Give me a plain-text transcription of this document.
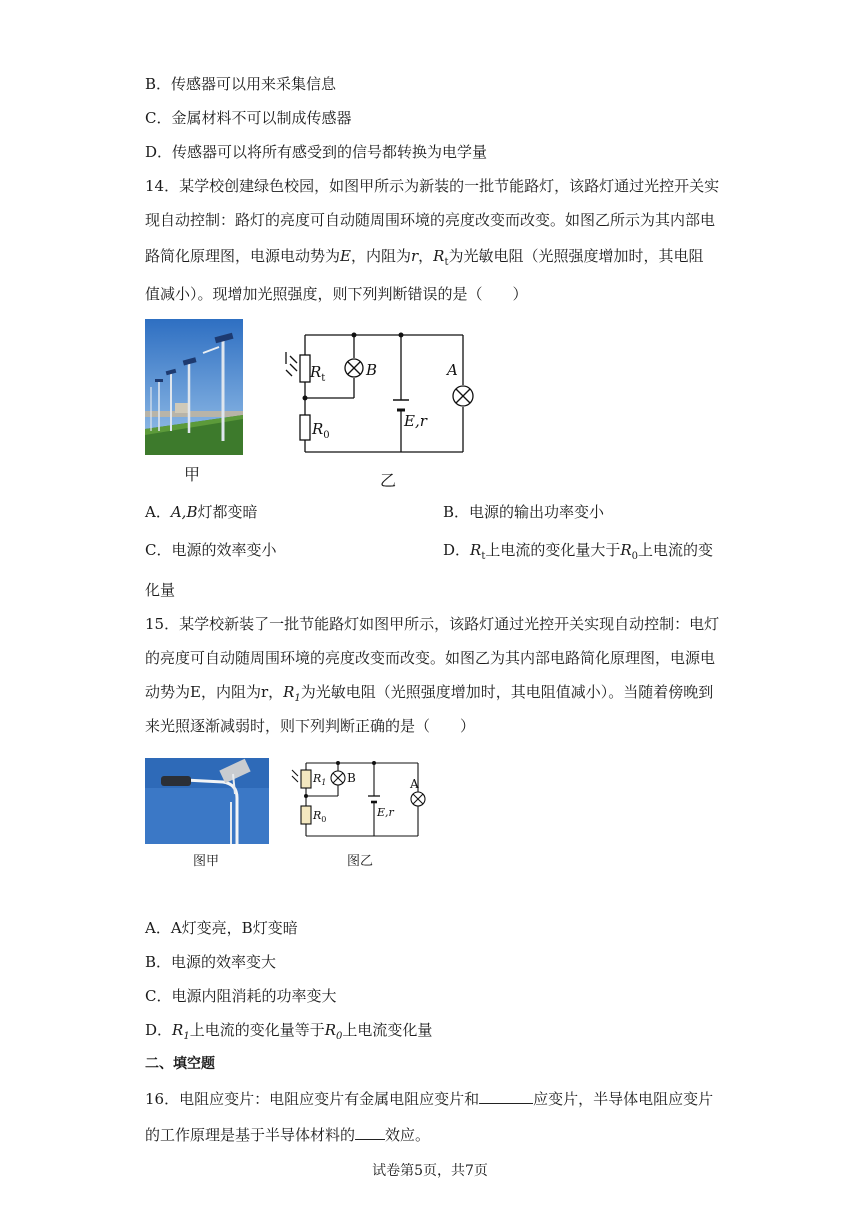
B．传感器可以用来采集信息
C．金属材料不可以制成传感器
D．传感器可以将所有感受到的信号都转换为电学量
14．某学校创建绿色校园，如图甲所示为新装的一批节能路灯，该路灯通过光控开关实
现自动控制：路灯的亮度可自动随周围环境的亮度改变而改变。如图乙所示为其内部电
路简化原理图，电源电动势为E，内阻为r，$R_t$为光敏电阻（光照强度增加时，其电阻
值减小）。现增加光照强度，则下列判断错误的是（　　）
甲
$R_t$	B	A
$R_0$
E,r
乙
A．A,B灯都变暗	B．电源的输出功率变小
C．电源的效率变小	D．$R_t$上电流的变化量大于$R_0$上电流的变
化量
15．某学校新装了一批节能路灯如图甲所示，该路灯通过光控开关实现自动控制：电灯
的亮度可自动随周围环境的亮度改变而改变。如图乙为其内部电路简化原理图，电源电
动势为E，内阻为r，$R_1$为光敏电阻（光照强度增加时，其电阻值减小）。当随着傍晚到
来光照逐渐减弱时，则下列判断正确的是（　　）
图甲
$R_1$ B	A
$R_0$
E,r
图乙
A．A灯变亮，B灯变暗
B．电源的效率变大
C．电源内阻消耗的功率变大
D．$R_1$上电流的变化量等于$R_0$上电流变化量
二、填空题
16．电阻应变片：电阻应变片有金属电阻应变片和	应变片，半导体电阻应变片
的工作原理是基于半导体材料的 效应。
试卷第5页，共7页
